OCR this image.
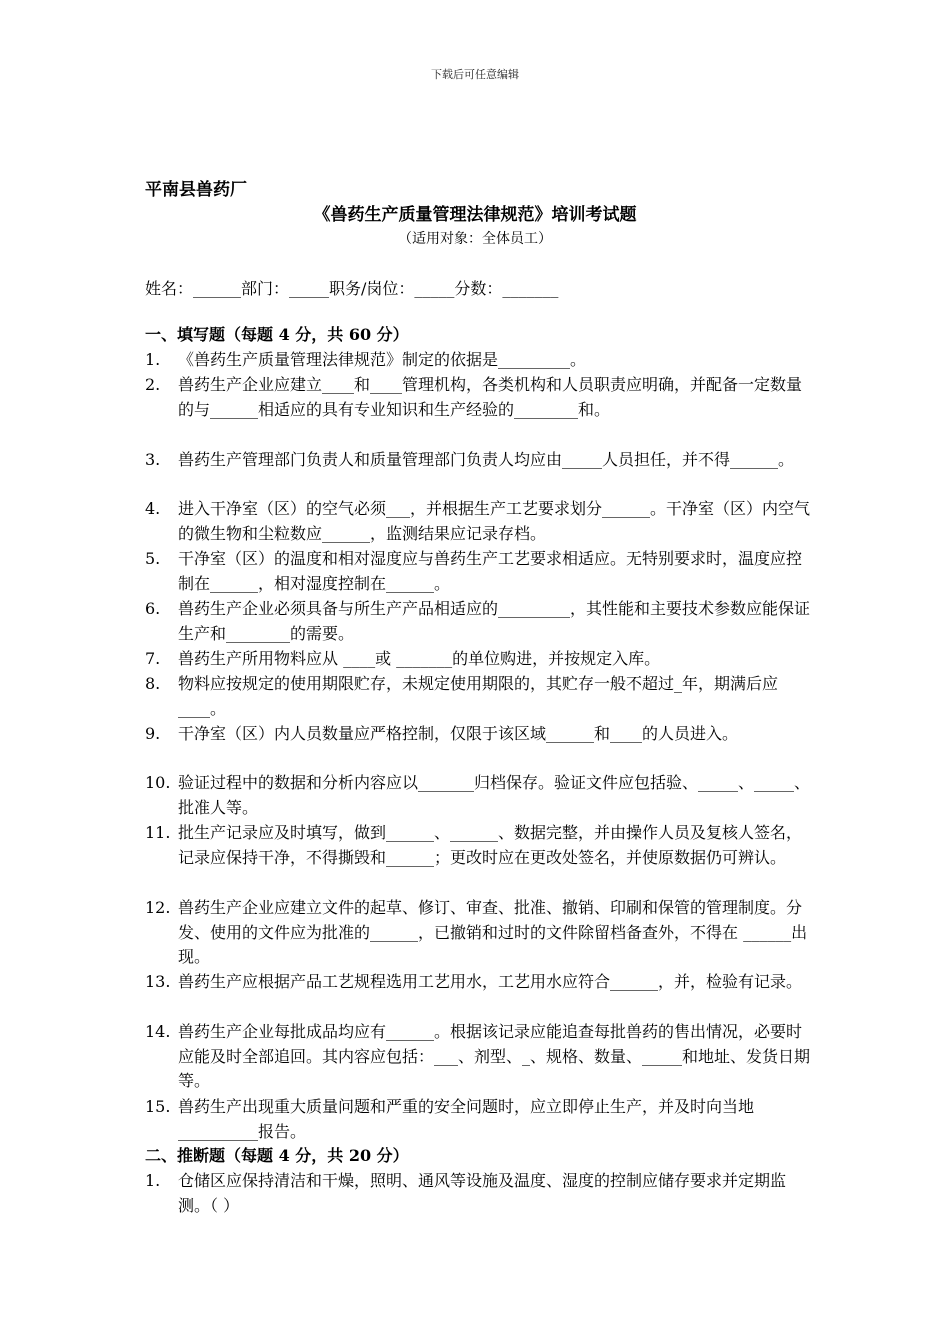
下载后可任意编辑
平南县兽药厂
《兽药生产质量管理法律规范》培训考试题
（适用对象：全体员工）
姓名：______部门：_____职务/岗位：_____分数：_______
一、填写题（每题 4 分，共 60 分）
1. 《兽药生产质量管理法律规范》制定的依据是_________。
2. 兽药生产企业应建立____和____管理机构，各类机构和人员职责应明确，并配备一定数量的与______相适应的具有专业知识和生产经验的________和。
3. 兽药生产管理部门负责人和质量管理部门负责人均应由_____人员担任，并不得______。
4. 进入干净室（区）的空气必须___，并根据生产工艺要求划分______。干净室（区）内空气的微生物和尘粒数应______，监测结果应记录存档。
5. 干净室（区）的温度和相对湿度应与兽药生产工艺要求相适应。无特别要求时，温度应控制在______，相对湿度控制在______。
6. 兽药生产企业必须具备与所生产产品相适应的_________，其性能和主要技术参数应能保证生产和________的需要。
7. 兽药生产所用物料应从 ____或 _______的单位购进，并按规定入库。
8. 物料应按规定的使用期限贮存，未规定使用期限的，其贮存一般不超过_年，期满后应____。
9. 干净室（区）内人员数量应严格控制，仅限于该区域______和____的人员进入。
10. 验证过程中的数据和分析内容应以_______归档保存。验证文件应包括验、_____、_____、批准人等。
11. 批生产记录应及时填写，做到______、______、数据完整，并由操作人员及复核人签名，记录应保持干净，不得撕毁和______；更改时应在更改处签名，并使原数据仍可辨认。
12. 兽药生产企业应建立文件的起草、修订、审查、批准、撤销、印刷和保管的管理制度。分发、使用的文件应为批准的______，已撤销和过时的文件除留档备查外，不得在 ______出现。
13. 兽药生产应根据产品工艺规程选用工艺用水，工艺用水应符合______，并，检验有记录。
14. 兽药生产企业每批成品均应有______。根据该记录应能追查每批兽药的售出情况，必要时应能及时全部追回。其内容应包括：___、剂型、_、规格、数量、_____和地址、发货日期等。
15. 兽药生产出现重大质量问题和严重的安全问题时，应立即停止生产，并及时向当地__________报告。
二、推断题（每题 4 分，共 20 分）
1. 仓储区应保持清洁和干燥，照明、通风等设施及温度、湿度的控制应储存要求并定期监测。（ ）
